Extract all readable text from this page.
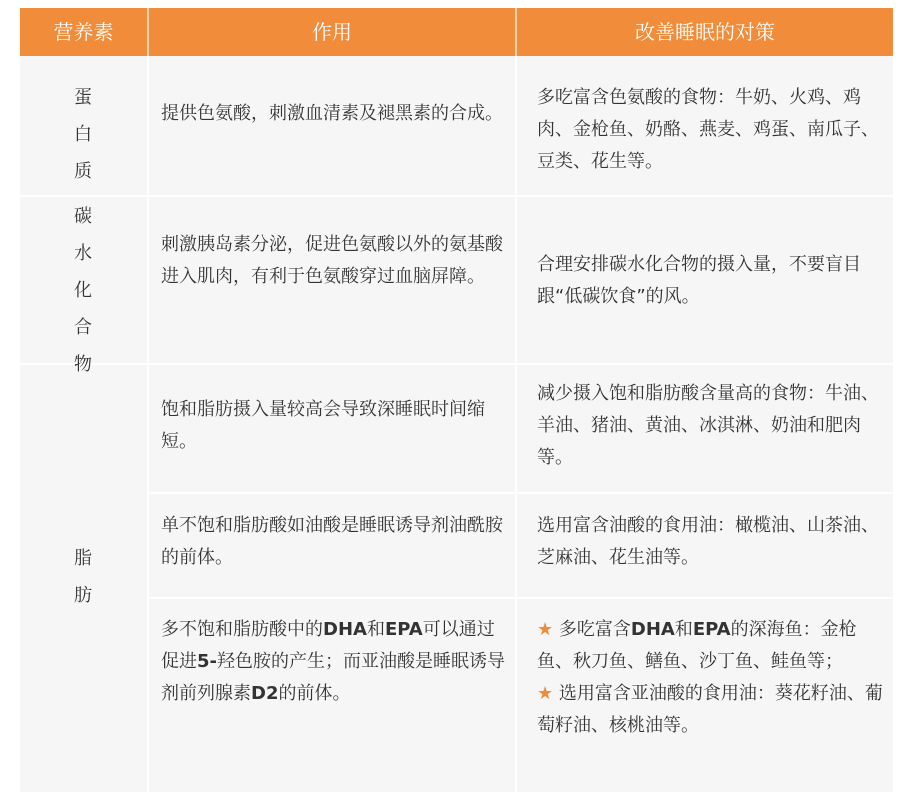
营养素	作用	改善睡眠的对策
蛋
白
质
提供色氨酸，刺激血清素及褪黑素的合成。
多吃富含色氨酸的食物：牛奶、火鸡、鸡肉、金枪鱼、奶酪、燕麦、鸡蛋、南瓜子、豆类、花生等。
碳
水
化
合
物
刺激胰岛素分泌，促进色氨酸以外的氨基酸进入肌肉，有利于色氨酸穿过血脑屏障。
合理安排碳水化合物的摄入量，不要盲目跟“低碳饮食”的风。
脂
肪
饱和脂肪摄入量较高会导致深睡眠时间缩短。
减少摄入饱和脂肪酸含量高的食物：牛油、羊油、猪油、黄油、冰淇淋、奶油和肥肉等。
单不饱和脂肪酸如油酸是睡眠诱导剂油酰胺的前体。
选用富含油酸的食用油：橄榄油、山茶油、芝麻油、花生油等。
多不饱和脂肪酸中的DHA和EPA可以通过促进5-羟色胺的产生；而亚油酸是睡眠诱导剂前列腺素D2的前体。
★ 多吃富含DHA和EPA的深海鱼：金枪鱼、秋刀鱼、鳝鱼、沙丁鱼、鲑鱼等；
★ 选用富含亚油酸的食用油：葵花籽油、葡萄籽油、核桃油等。
